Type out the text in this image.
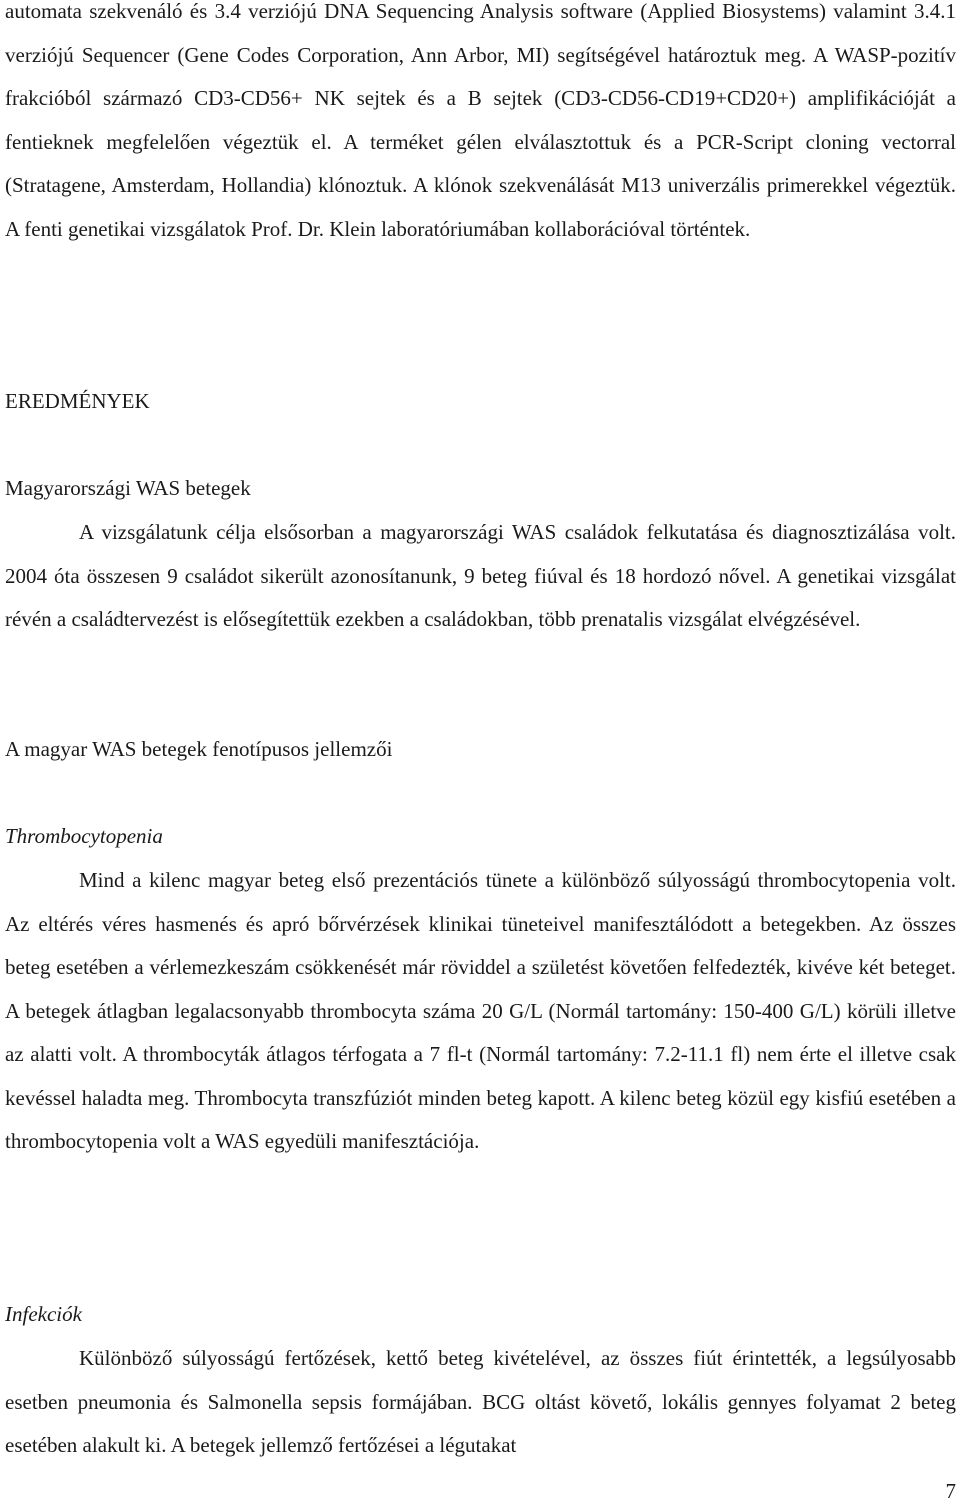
automata szekvenáló és 3.4 verziójú DNA Sequencing Analysis software (Applied Biosystems) valamint 3.4.1 verziójú Sequencer (Gene Codes Corporation, Ann Arbor, MI) segítségével határoztuk meg. A WASP-pozitív frakcióból származó CD3-CD56+ NK sejtek és a B sejtek (CD3-CD56-CD19+CD20+) amplifikációját a fentieknek megfelelően végeztük el. A terméket gélen elválasztottuk és a PCR-Script cloning vectorral (Stratagene, Amsterdam, Hollandia) klónoztuk. A klónok szekvenálását M13 univerzális primerekkel végeztük. A fenti genetikai vizsgálatok Prof. Dr. Klein laboratóriumában kollaborációval történtek.

EREDMÉNYEK

Magyarországi WAS betegek

A vizsgálatunk célja elsősorban a magyarországi WAS családok felkutatása és diagnosztizálása volt. 2004 óta összesen 9 családot sikerült azonosítanunk, 9 beteg fiúval és 18 hordozó nővel. A genetikai vizsgálat révén a családtervezést is elősegítettük ezekben a családokban, több prenatalis vizsgálat elvégzésével.

A magyar WAS betegek fenotípusos jellemzői

Thrombocytopenia

Mind a kilenc magyar beteg első prezentációs tünete a különböző súlyosságú thrombocytopenia volt. Az eltérés véres hasmenés és apró bőrvérzések klinikai tüneteivel manifesztálódott a betegekben. Az összes beteg esetében a vérlemezkeszám csökkenését már röviddel a születést követően felfedezték, kivéve két beteget. A betegek átlagban legalacsonyabb thrombocyta száma 20 G/L (Normál tartomány: 150-400 G/L) körüli illetve az alatti volt. A thrombocyták átlagos térfogata a 7 fl-t (Normál tartomány: 7.2-11.1 fl) nem érte el illetve csak kevéssel haladta meg. Thrombocyta transzfúziót minden beteg kapott. A kilenc beteg közül egy kisfiú esetében a thrombocytopenia volt a WAS egyedüli manifesztációja.

Infekciók

Különböző súlyosságú fertőzések, kettő beteg kivételével, az összes fiút érintették, a legsúlyosabb esetben pneumonia és Salmonella sepsis formájában. BCG oltást követő, lokális gennyes folyamat 2 beteg esetében alakult ki. A betegek jellemző fertőzései a légutakat

7
